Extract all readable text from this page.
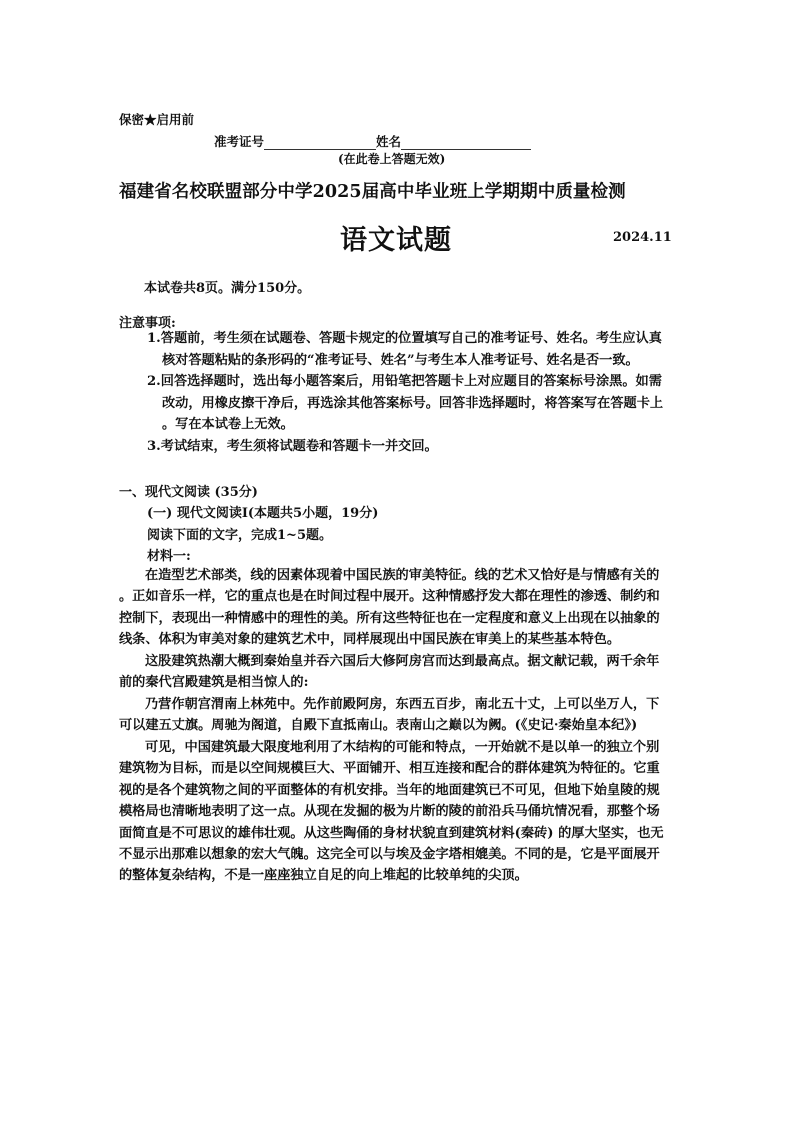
保密★启用前
准考证号	姓名
(在此卷上答题无效)
福建省名校联盟部分中学2025届高中毕业班上学期期中质量检测
语文试题	2024.11
本试卷共8页。满分150分。
注意事项:
1.答题前，考生须在试题卷、答题卡规定的位置填写自己的准考证号、姓名。考生应认真
核对答题粘贴的条形码的“准考证号、姓名”与考生本人准考证号、姓名是否一致。
2.回答选择题时，选出每小题答案后，用铅笔把答题卡上对应题目的答案标号涂黑。如需
改动，用橡皮擦干净后，再选涂其他答案标号。回答非选择题时，将答案写在答题卡上
。写在本试卷上无效。
3.考试结束，考生须将试题卷和答题卡一并交回。
一、现代文阅读 (35分)
(一) 现代文阅读Ⅰ(本题共5小题，19分)
阅读下面的文字，完成1~5题。
材料一:
在造型艺术部类，线的因素体现着中国民族的审美特征。线的艺术又恰好是与情感有关的
。正如音乐一样，它的重点也是在时间过程中展开。这种情感抒发大都在理性的渗透、制约和
控制下，表现出一种情感中的理性的美。所有这些特征也在一定程度和意义上出现在以抽象的
线条、体积为审美对象的建筑艺术中，同样展现出中国民族在审美上的某些基本特色。
这股建筑热潮大概到秦始皇并吞六国后大修阿房宫而达到最高点。据文献记载，两千余年
前的秦代宫殿建筑是相当惊人的:
乃营作朝宫渭南上林苑中。先作前殿阿房，东西五百步，南北五十丈，上可以坐万人，下
可以建五丈旗。周驰为阁道，自殿下直抵南山。表南山之巅以为阙。(《史记·秦始皇本纪》)
可见，中国建筑最大限度地利用了木结构的可能和特点，一开始就不是以单一的独立个别
建筑物为目标，而是以空间规模巨大、平面铺开、相互连接和配合的群体建筑为特征的。它重
视的是各个建筑物之间的平面整体的有机安排。当年的地面建筑已不可见，但地下始皇陵的规
模格局也清晰地表明了这一点。从现在发掘的极为片断的陵的前沿兵马俑坑情况看，那整个场
面简直是不可思议的雄伟壮观。从这些陶俑的身材状貌直到建筑材料(秦砖) 的厚大坚实，也无
不显示出那难以想象的宏大气魄。这完全可以与埃及金字塔相媲美。不同的是，它是平面展开
的整体复杂结构，不是一座座独立自足的向上堆起的比较单纯的尖顶。
